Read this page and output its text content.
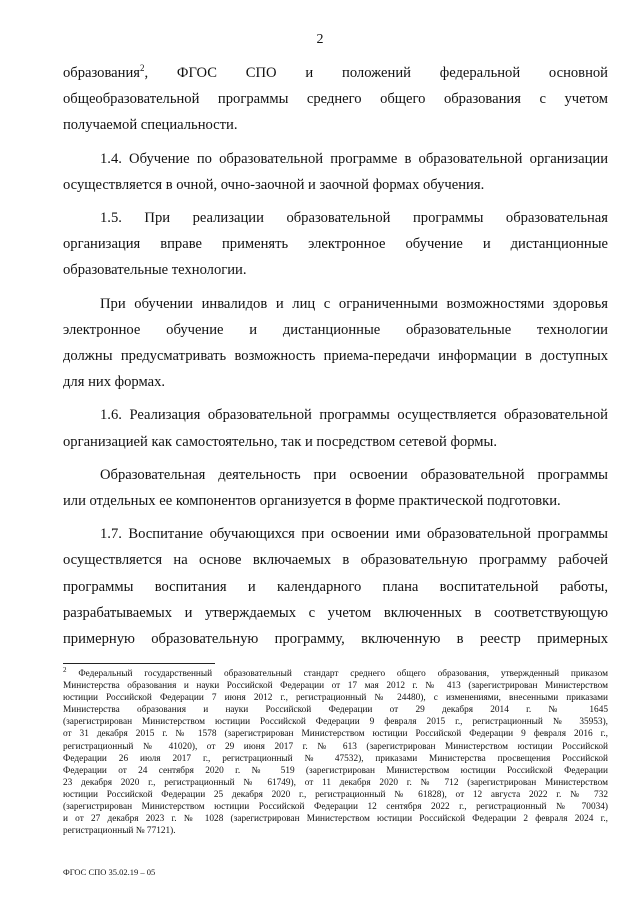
2
образования$^2$, ФГОС СПО и положений федеральной основной
общеобразовательной программы среднего общего образования с учетом
получаемой специальности.
1.4. Обучение по образовательной программе в образовательной организации
осуществляется в очной, очно-заочной и заочной формах обучения.
1.5. При реализации образовательной программы образовательная
организация вправе применять электронное обучение и дистанционные
образовательные технологии.
При обучении инвалидов и лиц с ограниченными возможностями здоровья
электронное обучение и дистанционные образовательные технологии
должны предусматривать возможность приема-передачи информации в доступных
для них формах.
1.6. Реализация образовательной программы осуществляется образовательной
организацией как самостоятельно, так и посредством сетевой формы.
Образовательная деятельность при освоении образовательной программы
или отдельных ее компонентов организуется в форме практической подготовки.
1.7. Воспитание обучающихся при освоении ими образовательной программы
осуществляется на основе включаемых в образовательную программу рабочей
программы воспитания и календарного плана воспитательной работы,
разрабатываемых и утверждаемых с учетом включенных в соответствующую
примерную образовательную программу, включенную в реестр примерных
$^2$ Федеральный государственный образовательный стандарт среднего общего образования, утвержденный приказом
Министерства образования и науки Российской Федерации от 17 мая 2012 г. № 413 (зарегистрирован Министерством
юстиции Российской Федерации 7 июня 2012 г., регистрационный № 24480), с изменениями, внесенными приказами
Министерства образования и науки Российской Федерации от 29 декабря 2014 г. № 1645
(зарегистрирован Министерством юстиции Российской Федерации 9 февраля 2015 г., регистрационный № 35953),
от 31 декабря 2015 г. № 1578 (зарегистрирован Министерством юстиции Российской Федерации 9 февраля 2016 г.,
регистрационный № 41020), от 29 июня 2017 г. № 613 (зарегистрирован Министерством юстиции Российской
Федерации 26 июля 2017 г., регистрационный № 47532), приказами Министерства просвещения Российской
Федерации от 24 сентября 2020 г. № 519 (зарегистрирован Министерством юстиции Российской Федерации
23 декабря 2020 г., регистрационный № 61749), от 11 декабря 2020 г. № 712 (зарегистрирован Министерством
юстиции Российской Федерации 25 декабря 2020 г., регистрационный № 61828), от 12 августа 2022 г. № 732
(зарегистрирован Министерством юстиции Российской Федерации 12 сентября 2022 г., регистрационный № 70034)
и от 27 декабря 2023 г. № 1028 (зарегистрирован Министерством юстиции Российской Федерации 2 февраля 2024 г.,
регистрационный № 77121).
ФГОС СПО 35.02.19 – 05
